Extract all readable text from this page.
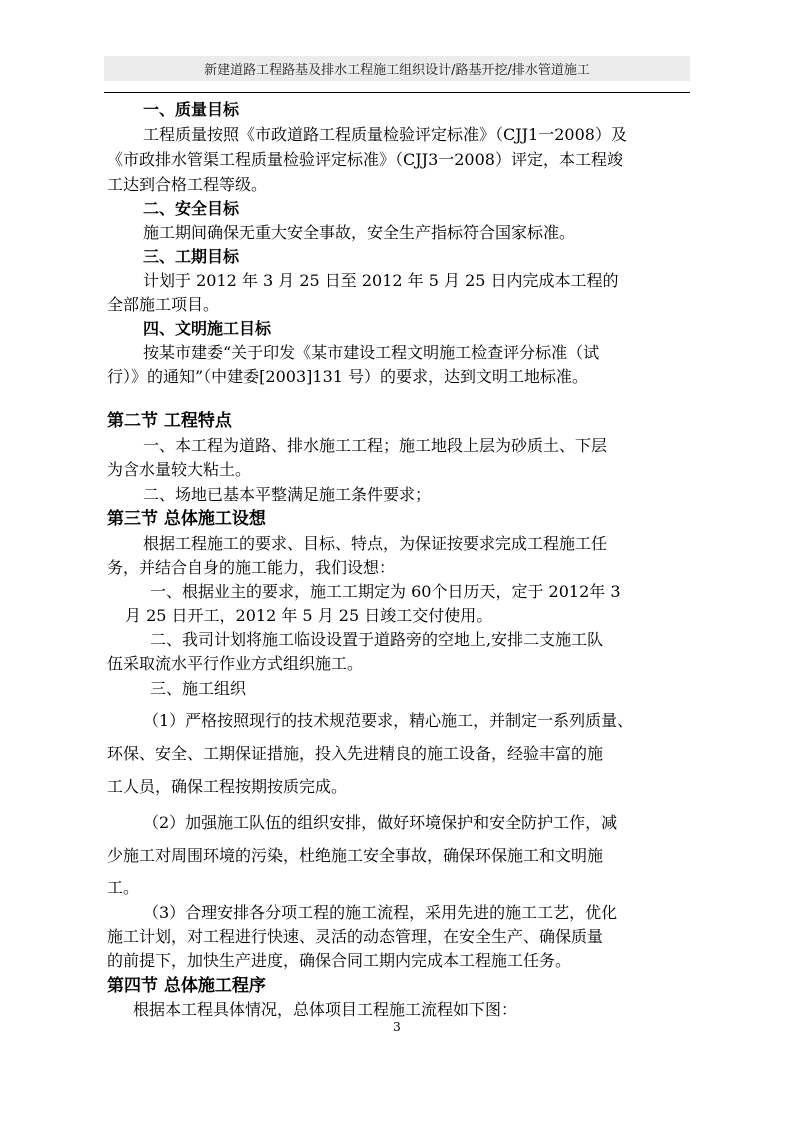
新建道路工程路基及排水工程施工组织设计/路基开挖/排水管道施工
一、质量目标
工程质量按照《市政道路工程质量检验评定标准》（CJJ1一2008）及
《市政排水管渠工程质量检验评定标准》（CJJ3一2008）评定，本工程竣
工达到合格工程等级。
二、安全目标
施工期间确保无重大安全事故，安全生产指标符合国家标准。
三、工期目标
计划于 2012 年 3 月 25 日至 2012 年 5 月 25 日内完成本工程的
全部施工项目。
四、文明施工目标
按某市建委“关于印发《某市建设工程文明施工检查评分标准（试
行）》的通知”（中建委[2003]131 号）的要求，达到文明工地标准。
第二节 工程特点
一、本工程为道路、排水施工工程；施工地段上层为砂质土、下层
为含水量较大粘土。
二、场地已基本平整满足施工条件要求；
第三节 总体施工设想
根据工程施工的要求、目标、特点，为保证按要求完成工程施工任
务，并结合自身的施工能力，我们设想：
一、根据业主的要求，施工工期定为 60个日历天，定于 2012年 3
月 25 日开工，2012 年 5 月 25 日竣工交付使用。
二、我司计划将施工临设设置于道路旁的空地上,安排二支施工队
伍采取流水平行作业方式组织施工。
三、施工组织
（1）严格按照现行的技术规范要求，精心施工，并制定一系列质量、
环保、安全、工期保证措施，投入先进精良的施工设备，经验丰富的施
工人员，确保工程按期按质完成。
（2）加强施工队伍的组织安排，做好环境保护和安全防护工作，减
少施工对周围环境的污染，杜绝施工安全事故，确保环保施工和文明施
工。
（3）合理安排各分项工程的施工流程，采用先进的施工工艺，优化
施工计划，对工程进行快速、灵活的动态管理，在安全生产、确保质量
的前提下，加快生产进度，确保合同工期内完成本工程施工任务。
第四节 总体施工程序
根据本工程具体情况，总体项目工程施工流程如下图：
3
